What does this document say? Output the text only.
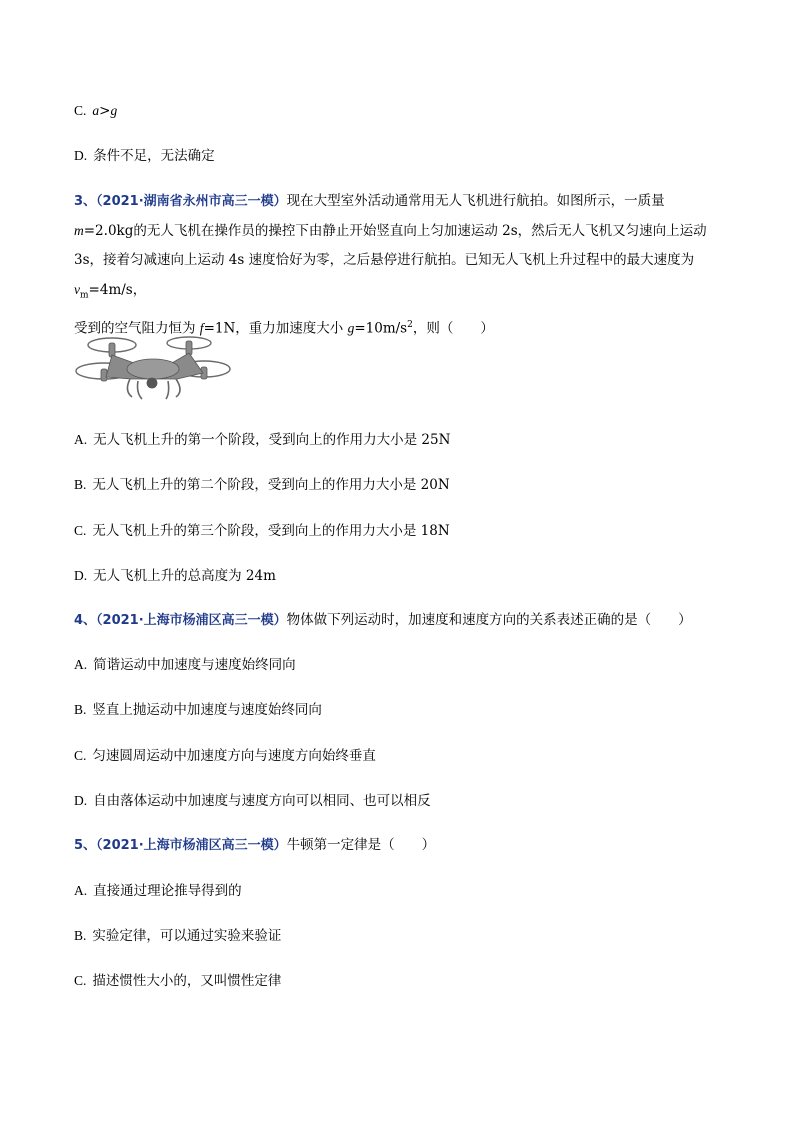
C. a>g
D. 条件不足，无法确定
3、（2021·湖南省永州市高三一模）现在大型室外活动通常用无人飞机进行航拍。如图所示，一质量 m=2.0kg的无人飞机在操作员的操控下由静止开始竖直向上匀加速运动 2s，然后无人飞机又匀速向上运动 3s，接着匀减速向上运动 4s 速度恰好为零，之后悬停进行航拍。已知无人飞机上升过程中的最大速度为 $v_m=4m/s$，
受到的空气阻力恒为 f=1N，重力加速度大小 $g=10m/s^2$，则（　　）
A. 无人飞机上升的第一个阶段，受到向上的作用力大小是 25N
B. 无人飞机上升的第二个阶段，受到向上的作用力大小是 20N
C. 无人飞机上升的第三个阶段，受到向上的作用力大小是 18N
D. 无人飞机上升的总高度为 24m
4、（2021·上海市杨浦区高三一模）物体做下列运动时，加速度和速度方向的关系表述正确的是（　　）
A. 简谐运动中加速度与速度始终同向
B. 竖直上抛运动中加速度与速度始终同向
C. 匀速圆周运动中加速度方向与速度方向始终垂直
D. 自由落体运动中加速度与速度方向可以相同、也可以相反
5、（2021·上海市杨浦区高三一模）牛顿第一定律是（　　）
A. 直接通过理论推导得到的
B. 实验定律，可以通过实验来验证
C. 描述惯性大小的，又叫惯性定律
